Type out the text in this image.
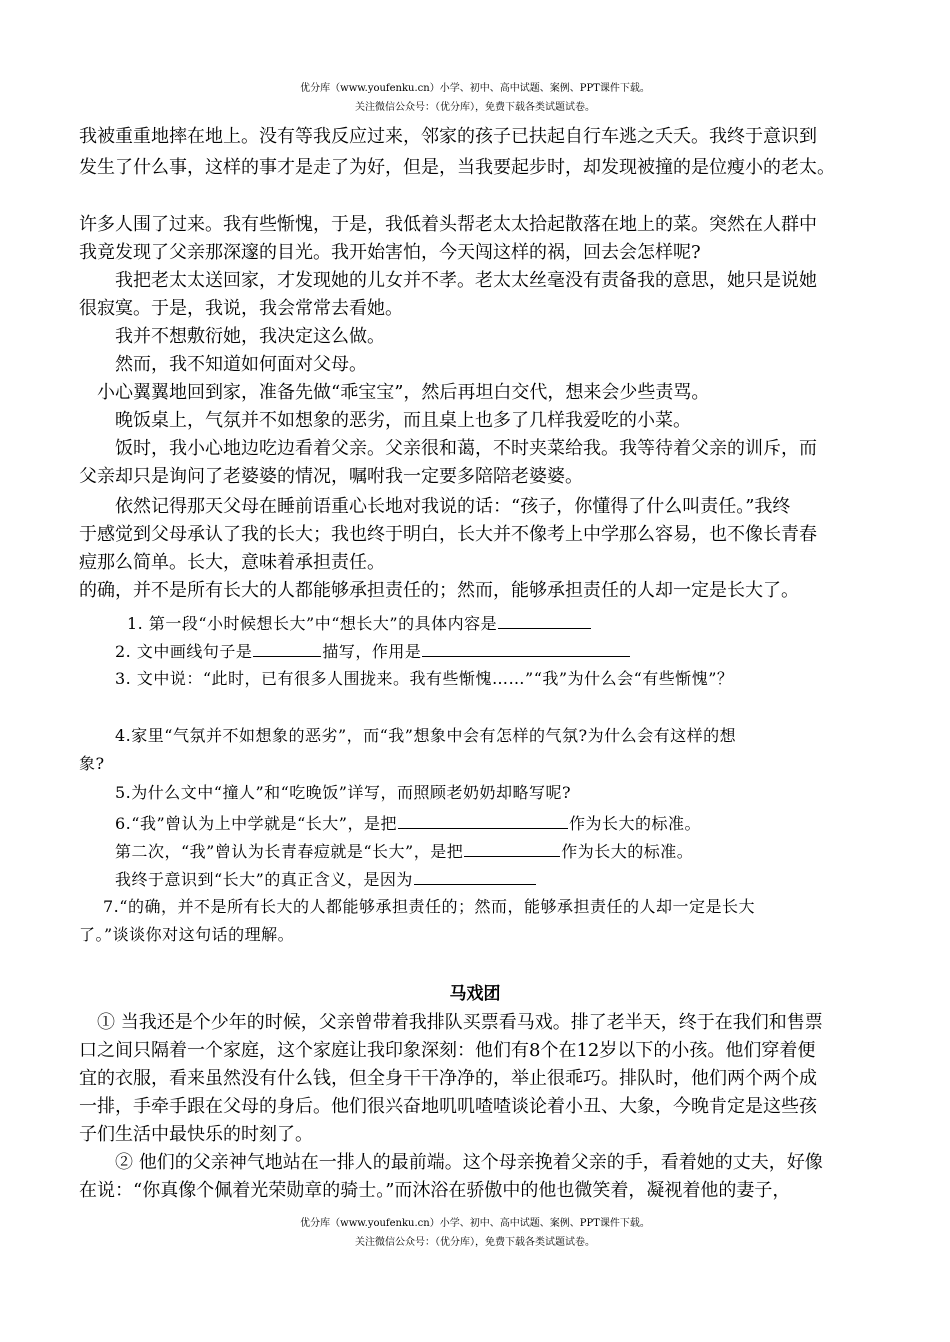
优分库（www.youfenku.cn）小学、初中、高中试题、案例、PPT课件下载。
关注微信公众号：（优分库），免费下载各类试题试卷。
我被重重地摔在地上。没有等我反应过来，邻家的孩子已扶起自行车逃之夭夭。我终于意识到
发生了什么事，这样的事才是走了为好，但是，当我要起步时，却发现被撞的是位瘦小的老太。
许多人围了过来。我有些惭愧，于是，我低着头帮老太太拾起散落在地上的菜。突然在人群中
我竟发现了父亲那深邃的目光。我开始害怕，今天闯这样的祸，回去会怎样呢?
我把老太太送回家，才发现她的儿女并不孝。老太太丝毫没有责备我的意思，她只是说她
很寂寞。于是，我说，我会常常去看她。
我并不想敷衍她，我决定这么做。
然而，我不知道如何面对父母。
小心翼翼地回到家，准备先做“乖宝宝”，然后再坦白交代，想来会少些责骂。
晚饭桌上，气氛并不如想象的恶劣，而且桌上也多了几样我爱吃的小菜。
饭时，我小心地边吃边看着父亲。父亲很和蔼，不时夹菜给我。我等待着父亲的训斥，而
父亲却只是询问了老婆婆的情况，嘱咐我一定要多陪陪老婆婆。
依然记得那天父母在睡前语重心长地对我说的话：“孩子，你懂得了什么叫责任。”我终
于感觉到父母承认了我的长大；我也终于明白，长大并不像考上中学那么容易，也不像长青春
痘那么简单。长大，意味着承担责任。
的确，并不是所有长大的人都能够承担责任的；然而，能够承担责任的人却一定是长大了。
1. 第一段“小时候想长大”中“想长大”的具体内容是
2. 文中画线句子是	描写，作用是
3. 文中说：“此时，已有很多人围拢来。我有些惭愧……”“我”为什么会“有些惭愧”？
4.家里“气氛并不如想象的恶劣”，而“我”想象中会有怎样的气氛?为什么会有这样的想
象?
5.为什么文中“撞人”和“吃晚饭”详写，而照顾老奶奶却略写呢?
6.“我”曾认为上中学就是“长大”，是把	作为长大的标准。
第二次，“我”曾认为长青春痘就是“长大”，是把	作为长大的标准。
我终于意识到“长大”的真正含义，是因为
7.“的确，并不是所有长大的人都能够承担责任的；然而，能够承担责任的人却一定是长大
了。”谈谈你对这句话的理解。
马戏团
① 当我还是个少年的时候，父亲曾带着我排队买票看马戏。排了老半天，终于在我们和售票
口之间只隔着一个家庭，这个家庭让我印象深刻：他们有8个在12岁以下的小孩。他们穿着便
宜的衣服，看来虽然没有什么钱，但全身干干净净的，举止很乖巧。排队时，他们两个两个成
一排，手牵手跟在父母的身后。他们很兴奋地叽叽喳喳谈论着小丑、大象，今晚肯定是这些孩
子们生活中最快乐的时刻了。
② 他们的父亲神气地站在一排人的最前端。这个母亲挽着父亲的手，看着她的丈夫，好像
在说：“你真像个佩着光荣勋章的骑士。”而沐浴在骄傲中的他也微笑着，凝视着他的妻子，
优分库（www.youfenku.cn）小学、初中、高中试题、案例、PPT课件下载。
关注微信公众号：（优分库），免费下载各类试题试卷。
